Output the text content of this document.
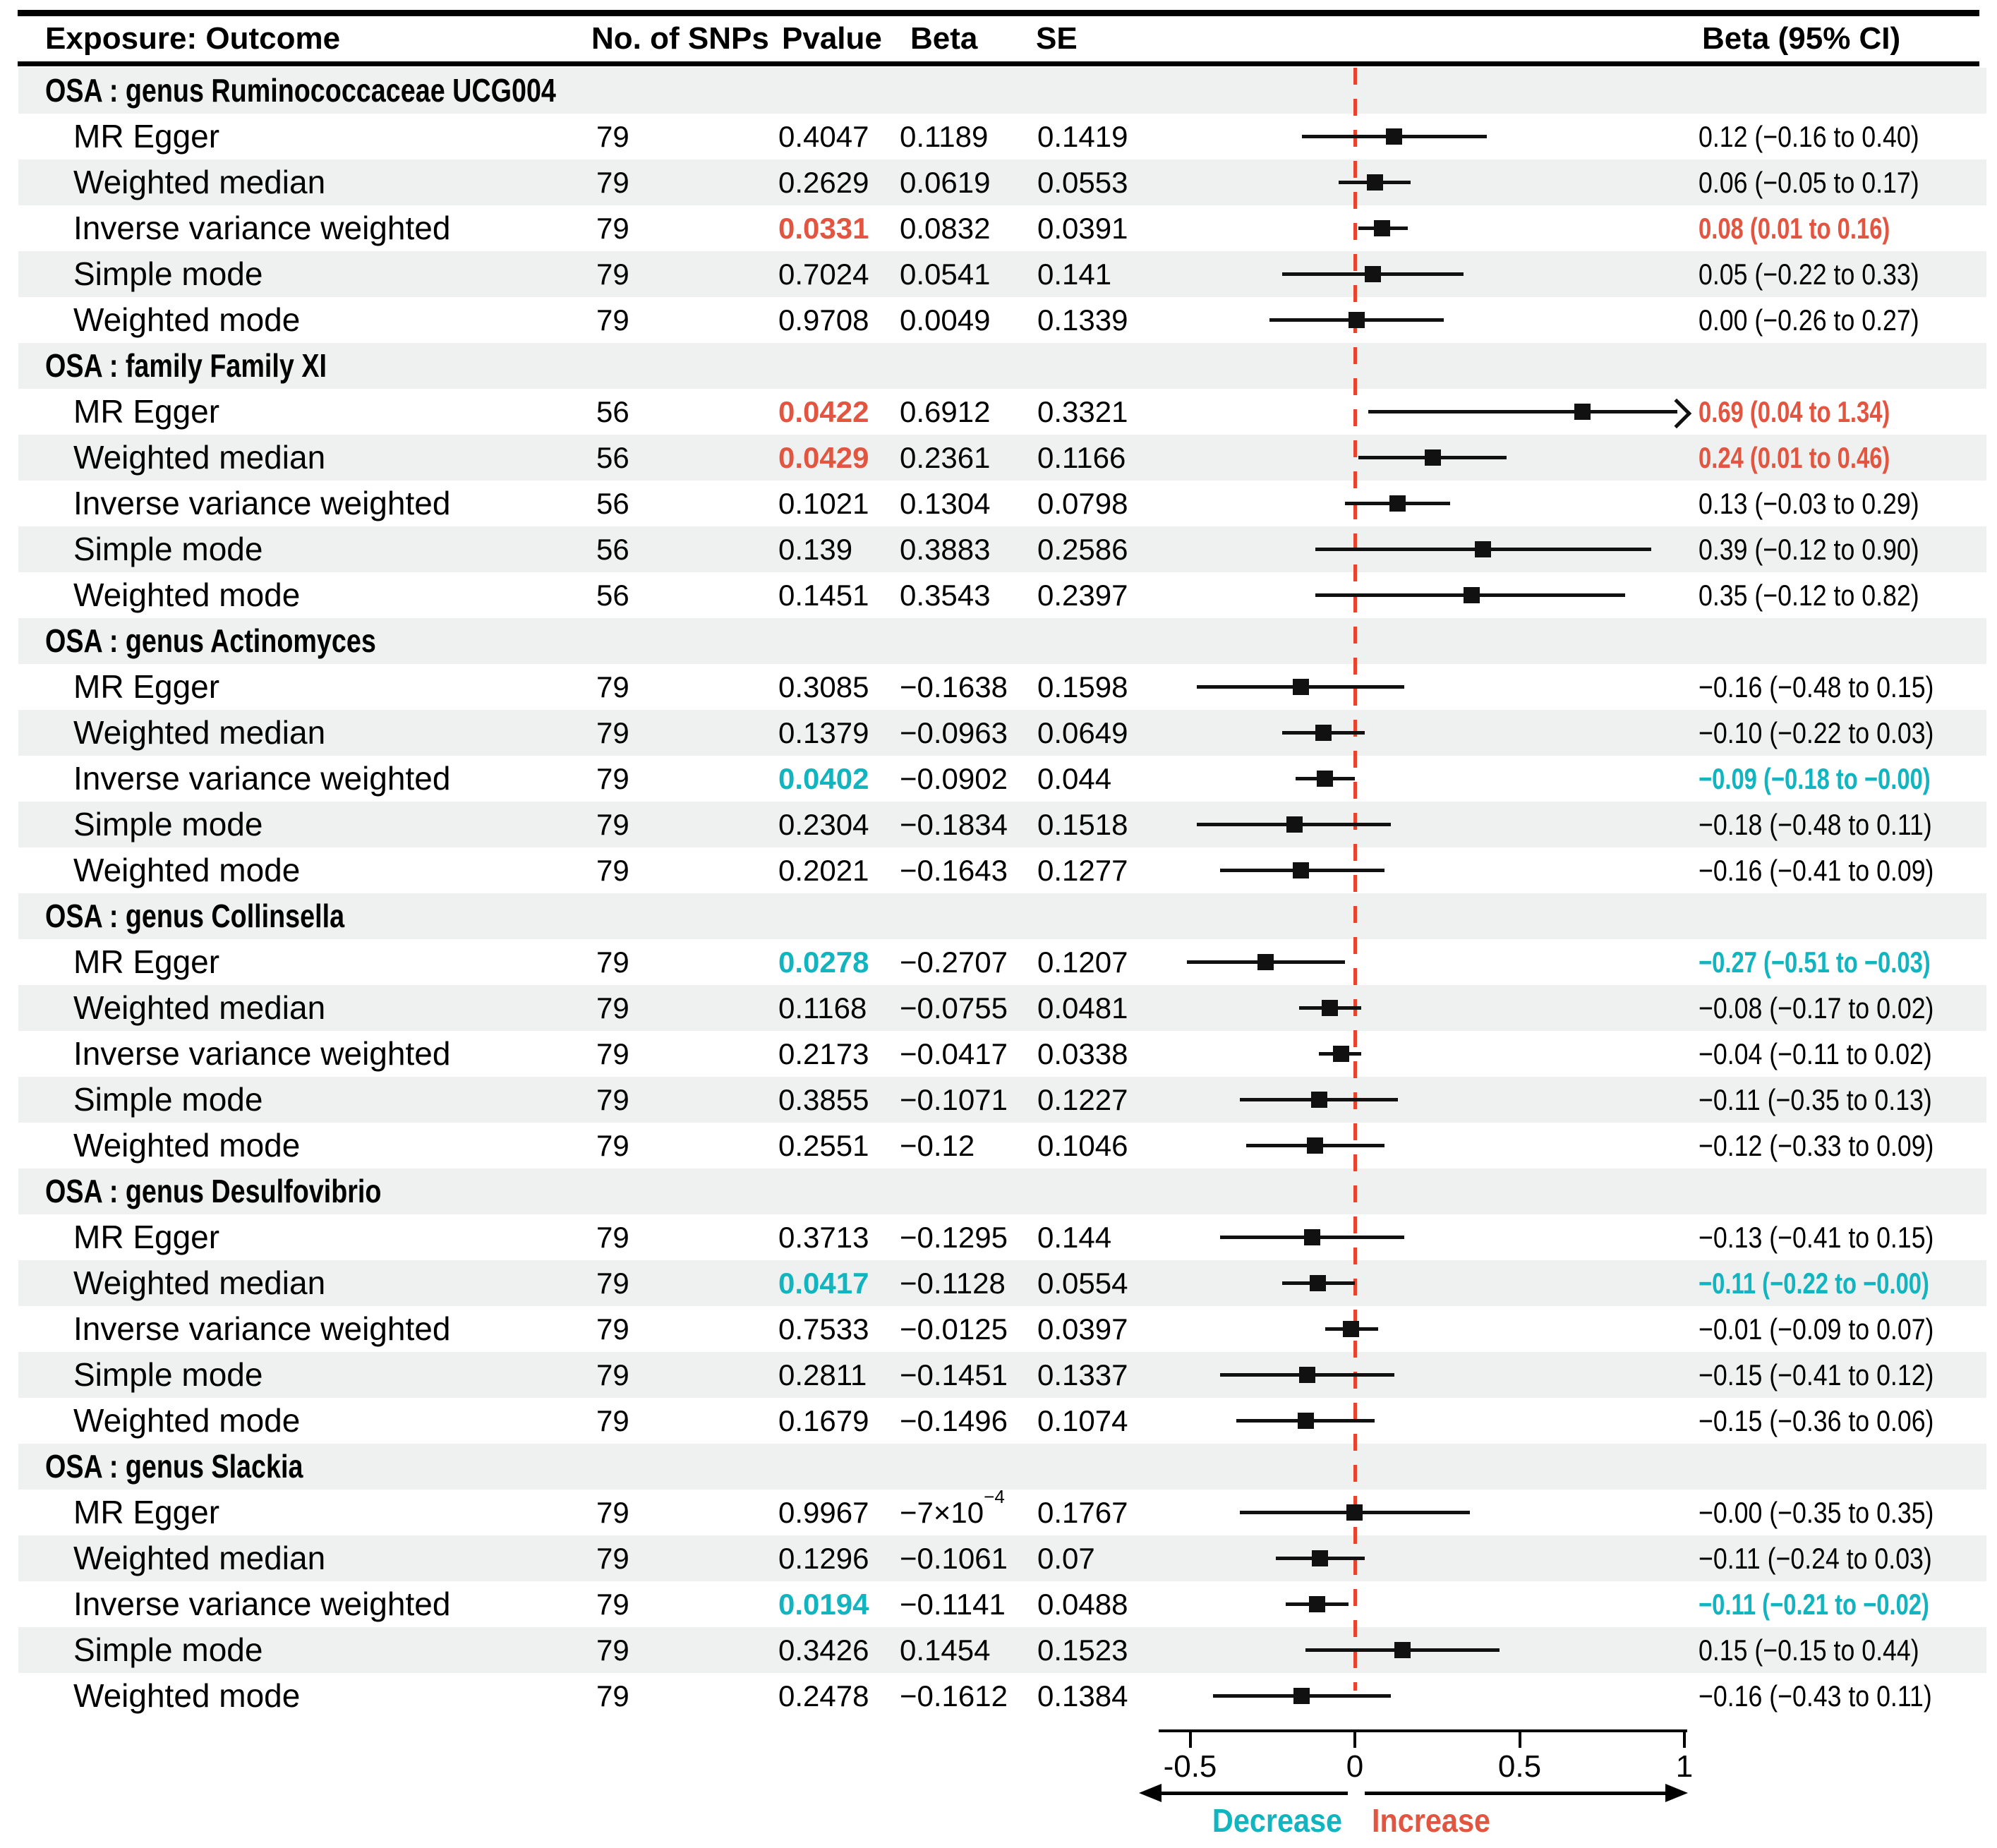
Exposure: Outcome	No. of SNPs Pvalue Beta SE	Beta (95% CI)
OSA : genus Ruminococcaceae UCG004
MR Egger	79	0.4047 0.1189 0.1419	0.12 (−0.16 to 0.40)
Weighted median	79	0.2629 0.0619 0.0553	0.06 (−0.05 to 0.17)
Inverse variance weighted	79	0.0331 0.0832 0.0391	0.08 (0.01 to 0.16)
Simple mode	79	0.7024 0.0541 0.141	0.05 (−0.22 to 0.33)
Weighted mode	79	0.9708 0.0049 0.1339	0.00 (−0.26 to 0.27)
OSA : family Family XI
MR Egger	56	0.0422 0.6912 0.3321	0.69 (0.04 to 1.34)
Weighted median	56	0.0429 0.2361 0.1166	0.24 (0.01 to 0.46)
Inverse variance weighted	56	0.1021 0.1304 0.0798	0.13 (−0.03 to 0.29)
Simple mode	56	0.139 0.3883 0.2586	0.39 (−0.12 to 0.90)
Weighted mode	56	0.1451 0.3543 0.2397	0.35 (−0.12 to 0.82)
OSA : genus Actinomyces
MR Egger	79	0.3085 −0.1638 0.1598	−0.16 (−0.48 to 0.15)
Weighted median	79	0.1379 −0.0963 0.0649	−0.10 (−0.22 to 0.03)
Inverse variance weighted	79	0.0402 −0.0902 0.044	−0.09 (−0.18 to −0.00)
Simple mode	79	0.2304 −0.1834 0.1518	−0.18 (−0.48 to 0.11)
Weighted mode	79	0.2021 −0.1643 0.1277	−0.16 (−0.41 to 0.09)
OSA : genus Collinsella
MR Egger	79	0.0278 −0.2707 0.1207	−0.27 (−0.51 to −0.03)
Weighted median	79	0.1168 −0.0755 0.0481	−0.08 (−0.17 to 0.02)
Inverse variance weighted	79	0.2173 −0.0417 0.0338	−0.04 (−0.11 to 0.02)
Simple mode	79	0.3855 −0.1071 0.1227	−0.11 (−0.35 to 0.13)
Weighted mode	79	0.2551 −0.12 0.1046	−0.12 (−0.33 to 0.09)
OSA : genus Desulfovibrio
MR Egger	79	0.3713 −0.1295 0.144	−0.13 (−0.41 to 0.15)
Weighted median	79	0.0417 −0.1128 0.0554	−0.11 (−0.22 to −0.00)
Inverse variance weighted	79	0.7533 −0.0125 0.0397	−0.01 (−0.09 to 0.07)
Simple mode	79	0.2811 −0.1451 0.1337	−0.15 (−0.41 to 0.12)
Weighted mode	79	0.1679 −0.1496 0.1074	−0.15 (−0.36 to 0.06)
OSA : genus Slackia
MR Egger	79	$0.9967 -7\times 10^{-4}$ 0.1767	−0.00 (−0.35 to 0.35)
Weighted median	79	0.1296 −0.1061 0.07	−0.11 (−0.24 to 0.03)
Inverse variance weighted	79	0.0194 −0.1141 0.0488	−0.11 (−0.21 to −0.02)
Simple mode	79	0.3426 0.1454 0.1523	0.15 (−0.15 to 0.44)
Weighted mode	79	0.2478 −0.1612 0.1384	−0.16 (−0.43 to 0.11)
-0.5	0	0.5	1
Decrease Increase
